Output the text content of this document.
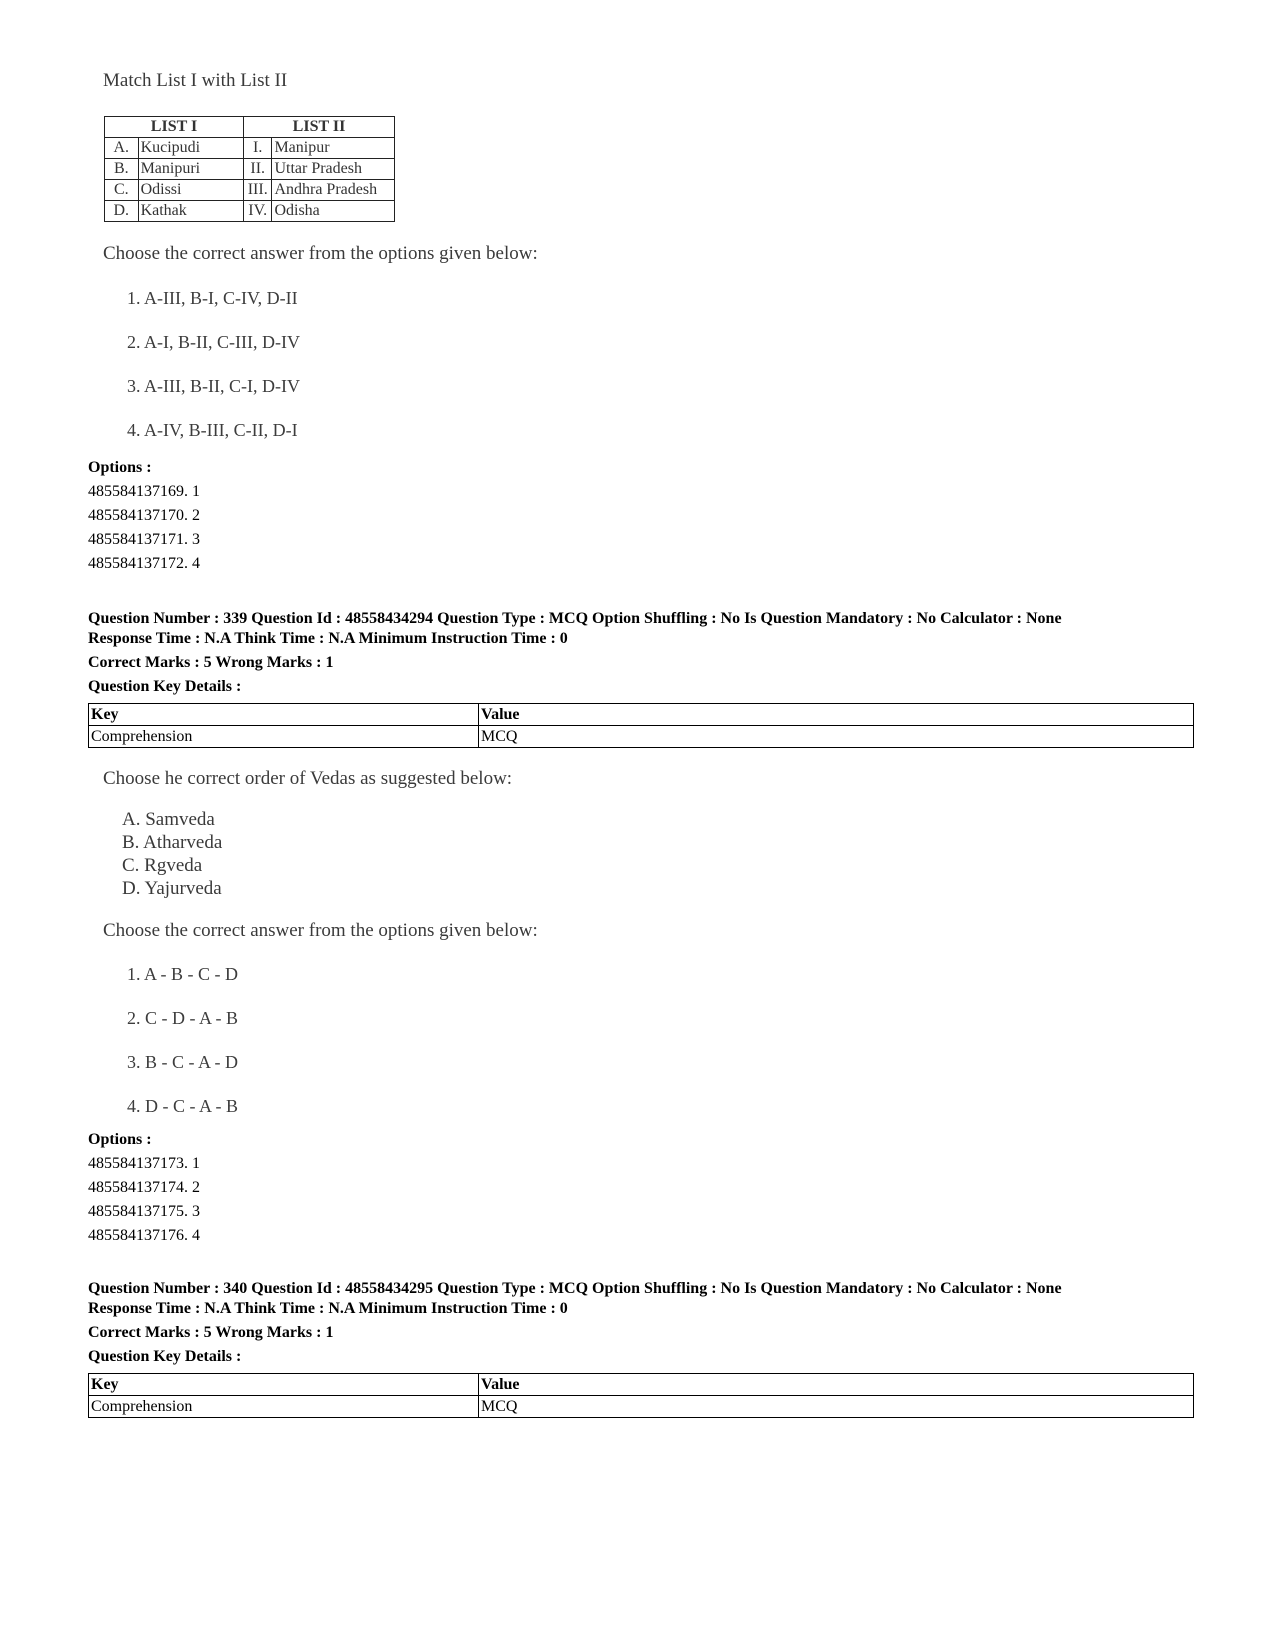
Match List I with List II
LIST I		LIST II	
A.	Kucipudi	I.	Manipur
B.	Manipuri	II.	Uttar Pradesh
C.	Odissi	III.	Andhra Pradesh
D.	Kathak	IV.	Odisha
Choose the correct answer from the options given below:
1. A-III, B-I, C-IV, D-II
2. A-I, B-II, C-III, D-IV
3. A-III, B-II, C-I, D-IV
4. A-IV, B-III, C-II, D-I
Options :
485584137169. 1
485584137170. 2
485584137171. 3
485584137172. 4
Question Number : 339 Question Id : 48558434294 Question Type : MCQ Option Shuffling : No Is Question Mandatory : No Calculator : None
Response Time : N.A Think Time : N.A Minimum Instruction Time : 0
Correct Marks : 5 Wrong Marks : 1
Question Key Details :
Key	Value
Comprehension	MCQ
Choose he correct order of Vedas as suggested below:
A. Samveda
B. Atharveda
C. Rgveda
D. Yajurveda
Choose the correct answer from the options given below:
1. A - B - C - D
2. C - D - A - B
3. B - C - A - D
4. D - C - A - B
Options :
485584137173. 1
485584137174. 2
485584137175. 3
485584137176. 4
Question Number : 340 Question Id : 48558434295 Question Type : MCQ Option Shuffling : No Is Question Mandatory : No Calculator : None
Response Time : N.A Think Time : N.A Minimum Instruction Time : 0
Correct Marks : 5 Wrong Marks : 1
Question Key Details :
Key	Value
Comprehension	MCQ
